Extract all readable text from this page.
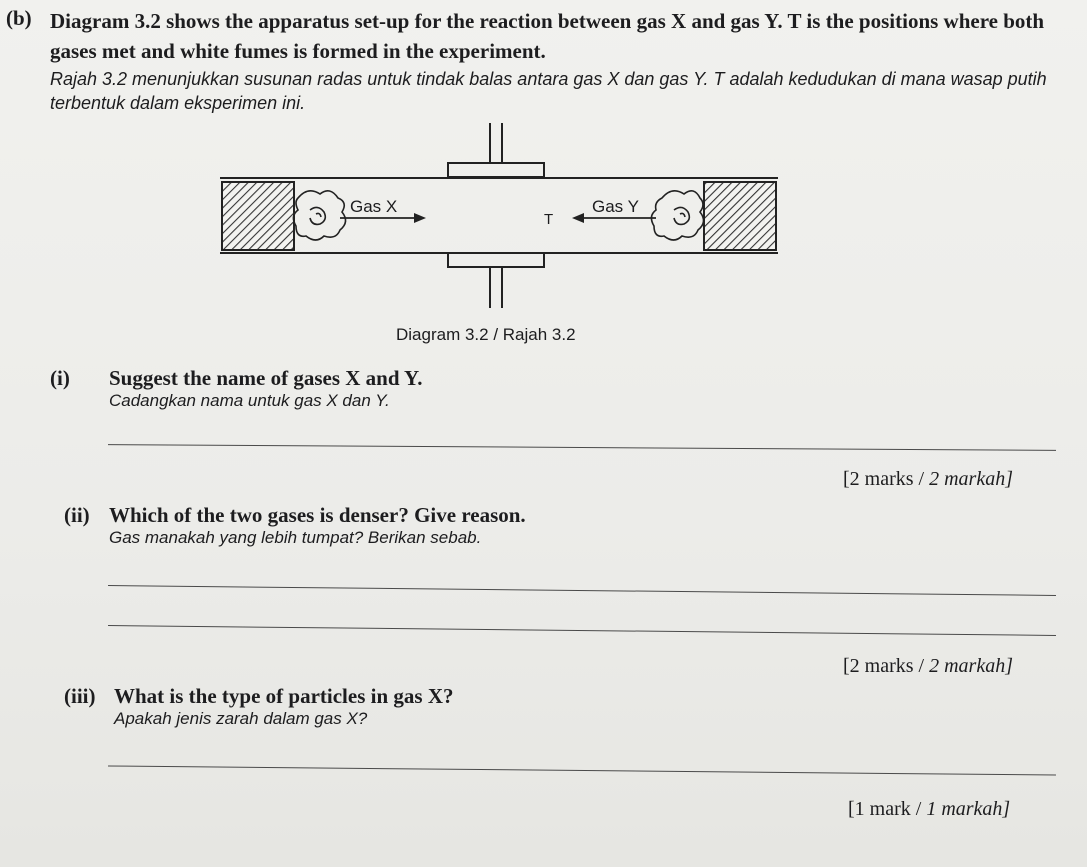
(b) Diagram 3.2 shows the apparatus set-up for the reaction between gas X and gas Y. T is the positions where both gases met and white fumes is formed in the experiment.
Rajah 3.2 menunjukkan susunan radas untuk tindak balas antara gas X dan gas Y. T adalah kedudukan di mana wasap putih terbentuk dalam eksperimen ini.
Gas X	Gas Y
T
Diagram 3.2 / Rajah 3.2
(i) Suggest the name of gases X and Y.
Cadangkan nama untuk gas X dan Y.
[2 marks / 2 markah]
(ii) Which of the two gases is denser? Give reason.
Gas manakah yang lebih tumpat? Berikan sebab.
[2 marks / 2 markah]
(iii) What is the type of particles in gas X?
Apakah jenis zarah dalam gas X?
[1 mark / 1 markah]
